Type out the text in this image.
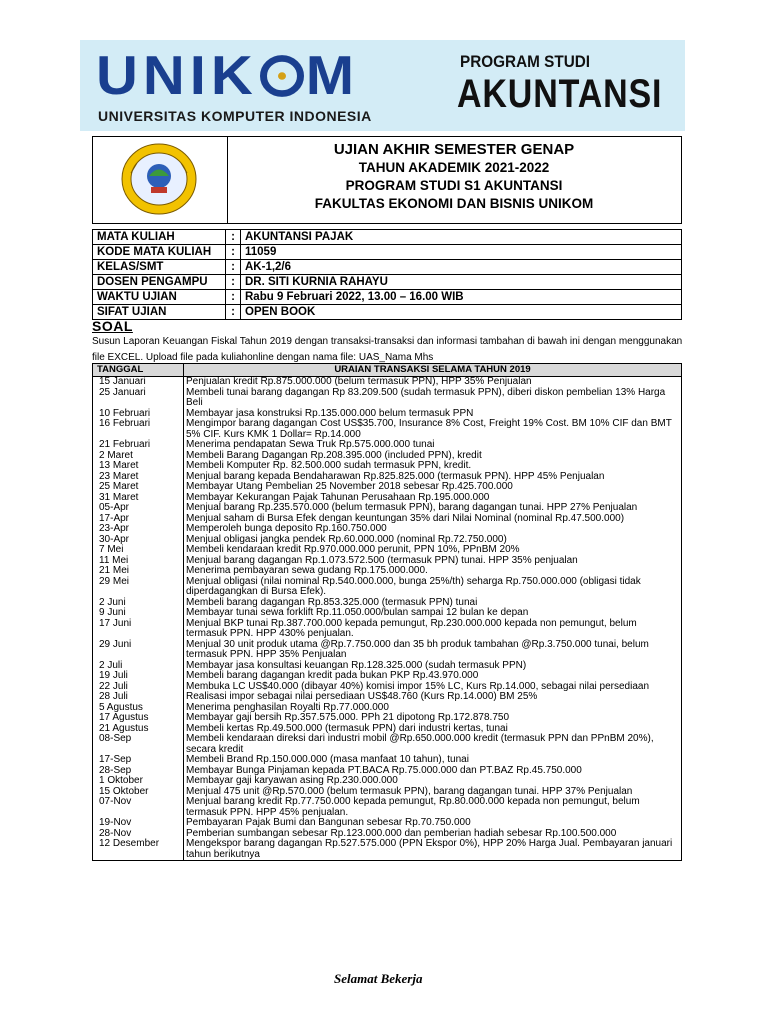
UNIK M
UNIVERSITAS KOMPUTER INDONESIA
PROGRAM STUDI
AKUNTANSI
UJIAN AKHIR SEMESTER GENAP
TAHUN AKADEMIK 2021-2022
PROGRAM STUDI S1 AKUNTANSI
FAKULTAS EKONOMI DAN BISNIS UNIKOM
MATA KULIAH	:	AKUNTANSI PAJAK
KODE MATA KULIAH	:	11059
KELAS/SMT	:	AK-1,2/6
DOSEN PENGAMPU	:	DR. SITI KURNIA RAHAYU
WAKTU UJIAN	:	Rabu 9 Februari 2022, 13.00 – 16.00 WIB
SIFAT UJIAN	:	OPEN BOOK
SOAL
Susun Laporan Keuangan Fiskal Tahun 2019 dengan transaksi-transaksi dan informasi tambahan di bawah ini dengan menggunakan file EXCEL. Upload file pada kuliahonline dengan nama file: UAS_Nama Mhs
TANGGAL	URAIAN TRANSAKSI SELAMA TAHUN 2019
15 Januari	Penjualan kredit Rp.875.000.000 (belum termasuk PPN), HPP 35% Penjualan
25 Januari	Membeli tunai barang dagangan Rp 83.209.500 (sudah termasuk PPN), diberi diskon pembelian 13% Harga Beli
10 Februari	Membayar jasa konstruksi Rp.135.000.000 belum termasuk PPN
16 Februari	Mengimpor barang dagangan Cost US$35.700, Insurance 8% Cost, Freight 19% Cost. BM 10% CIF dan BMT 5% CIF. Kurs KMK 1 Dollar= Rp.14.000
21 Februari	Menerima pendapatan Sewa Truk Rp.575.000.000 tunai
2 Maret	Membeli Barang Dagangan Rp.208.395.000 (included PPN), kredit
13 Maret	Membeli Komputer Rp. 82.500.000 sudah termasuk PPN, kredit.
23 Maret	Menjual barang kepada Bendaharawan Rp.825.825.000 (termasuk PPN). HPP 45% Penjualan
25 Maret	Membayar Utang Pembelian 25 November 2018 sebesar Rp.425.700.000
31 Maret	Membayar Kekurangan Pajak Tahunan Perusahaan Rp.195.000.000
05-Apr	Menjual barang Rp.235.570.000 (belum termasuk PPN), barang dagangan tunai. HPP 27% Penjualan
17-Apr	Menjual saham di Bursa Efek dengan keuntungan 35% dari Nilai Nominal (nominal Rp.47.500.000)
23-Apr	Memperoleh bunga deposito Rp.160.750.000
30-Apr	Menjual obligasi jangka pendek Rp.60.000.000 (nominal Rp.72.750.000)
7 Mei	Membeli kendaraan kredit Rp.970.000.000 perunit, PPN 10%, PPnBM 20%
11 Mei	Menjual barang dagangan Rp.1.073.572.500 (termasuk PPN) tunai. HPP 35% penjualan
21 Mei	Menerima pembayaran sewa gudang Rp.175.000.000.
29 Mei	Menjual obligasi (nilai nominal Rp.540.000.000, bunga 25%/th) seharga Rp.750.000.000 (obligasi tidak diperdagangkan di Bursa Efek).
2 Juni	Membeli barang dagangan Rp.853.325.000 (termasuk PPN) tunai
9 Juni	Membayar tunai sewa forklift Rp.11.050.000/bulan sampai 12 bulan ke depan
17 Juni	Menjual BKP tunai Rp.387.700.000 kepada pemungut, Rp.230.000.000 kepada non pemungut, belum termasuk PPN. HPP 430% penjualan.
29 Juni	Menjual 30 unit produk utama @Rp.7.750.000 dan 35 bh produk tambahan @Rp.3.750.000 tunai, belum termasuk PPN. HPP 35% Penjualan
2 Juli	Membayar jasa konsultasi keuangan Rp.128.325.000 (sudah termasuk PPN)
19 Juli	Membeli barang dagangan kredit pada bukan PKP Rp.43.970.000
22 Juli	Membuka LC US$40.000 (dibayar 40%) komisi impor 15% LC, Kurs Rp.14.000, sebagai nilai persediaan
28 Juli	Realisasi impor sebagai nilai persediaan US$48.760 (Kurs Rp.14.000) BM 25%
5 Agustus	Menerima penghasilan Royalti Rp.77.000.000
17 Agustus	Membayar gaji bersih Rp.357.575.000. PPh 21 dipotong Rp.172.878.750
21 Agustus	Membeli kertas Rp.49.500.000 (termasuk PPN) dari industri kertas, tunai
08-Sep	Membeli kendaraan direksi dari industri mobil @Rp.650.000.000 kredit (termasuk PPN dan PPnBM 20%), secara kredit
17-Sep	Membeli Brand Rp.150.000.000 (masa manfaat 10 tahun), tunai
28-Sep	Membayar Bunga Pinjaman kepada PT.BACA Rp.75.000.000 dan PT.BAZ Rp.45.750.000
1 Oktober	Membayar gaji karyawan asing Rp.230.000.000
15 Oktober	Menjual 475 unit @Rp.570.000 (belum termasuk PPN), barang dagangan tunai. HPP 37% Penjualan
07-Nov	Menjual barang kredit Rp.77.750.000 kepada pemungut, Rp.80.000.000 kepada non pemungut, belum termasuk PPN. HPP 45% penjualan.
19-Nov	Pembayaran Pajak Bumi dan Bangunan sebesar Rp.70.750.000
28-Nov	Pemberian sumbangan sebesar Rp.123.000.000 dan pemberian hadiah sebesar Rp.100.500.000
12 Desember	Mengekspor barang dagangan Rp.527.575.000 (PPN Ekspor 0%), HPP 20% Harga Jual. Pembayaran januari tahun berikutnya
Selamat Bekerja
